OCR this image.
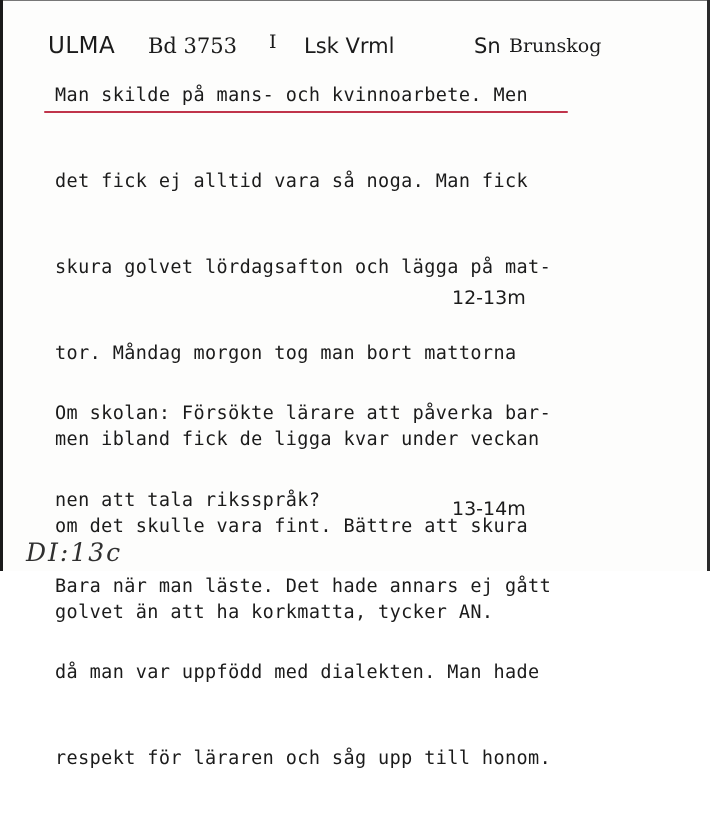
ULMA Bd 3753 I Lsk Vrml	Sn Brunskog
Man skilde på mans- och kvinnoarbete. Men

det fick ej alltid vara så noga. Man fick

skura golvet lördagsafton och lägga på mat-

tor. Måndag morgon tog man bort mattorna

men ibland fick de ligga kvar under veckan

om det skulle vara fint. Bättre att skura

golvet än att ha korkmatta, tycker AN.

12-13m

Om skolan: Försökte lärare att påverka bar-

nen att tala riksspråk?

Bara när man läste. Det hade annars ej gått

då man var uppfödd med dialekten. Man hade

respekt för läraren och såg upp till honom.

13-14m
DI:13c
